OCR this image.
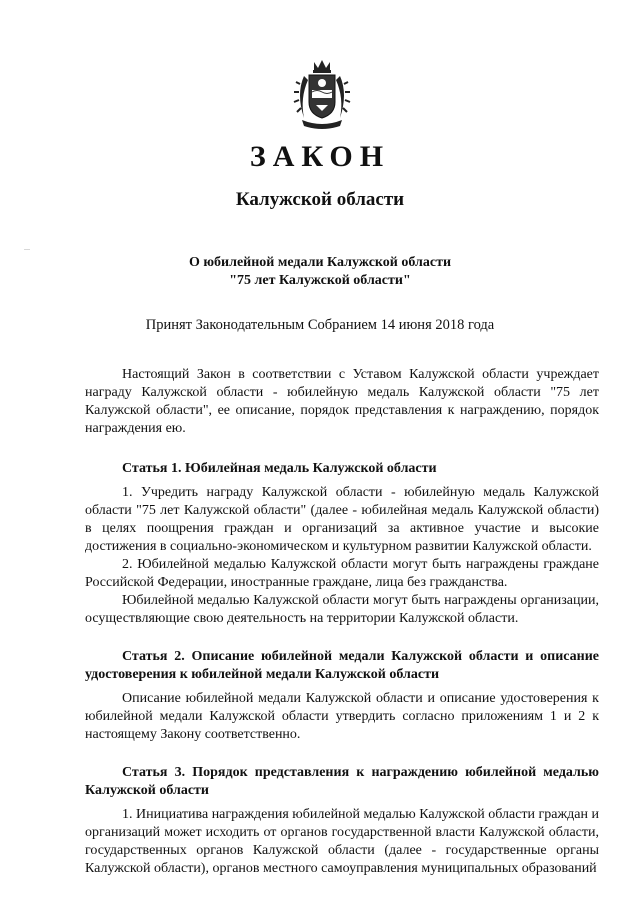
...
ЗАКОН
Калужской области
О юбилейной медали Калужской области
"75 лет Калужской области"
Принят Законодательным Собранием 14 июня 2018 года

Настоящий Закон в соответствии с Уставом Калужской области учреждает награду Калужской области - юбилейную медаль Калужской области "75 лет Калужской области", ее описание, порядок представления к награждению, порядок награждения ею.

Статья 1. Юбилейная медаль Калужской области

1. Учредить награду Калужской области - юбилейную медаль Калужской области "75 лет Калужской области" (далее - юбилейная медаль Калужской области) в целях поощрения граждан и организаций за активное участие и высокие достижения в социально-экономическом и культурном развитии Калужской области.

2. Юбилейной медалью Калужской области могут быть награждены граждане Российской Федерации, иностранные граждане, лица без гражданства.

Юбилейной медалью Калужской области могут быть награждены организации, осуществляющие свою деятельность на территории Калужской области.

Статья 2. Описание юбилейной медали Калужской области и описание удостоверения к юбилейной медали Калужской области

Описание юбилейной медали Калужской области и описание удостоверения к юбилейной медали Калужской области утвердить согласно приложениям 1 и 2 к настоящему Закону соответственно.

Статья 3. Порядок представления к награждению юбилейной медалью Калужской области

1. Инициатива награждения юбилейной медалью Калужской области граждан и организаций может исходить от органов государственной власти Калужской области, государственных органов Калужской области (далее - государственные органы Калужской области), органов местного самоуправления муниципальных образований
